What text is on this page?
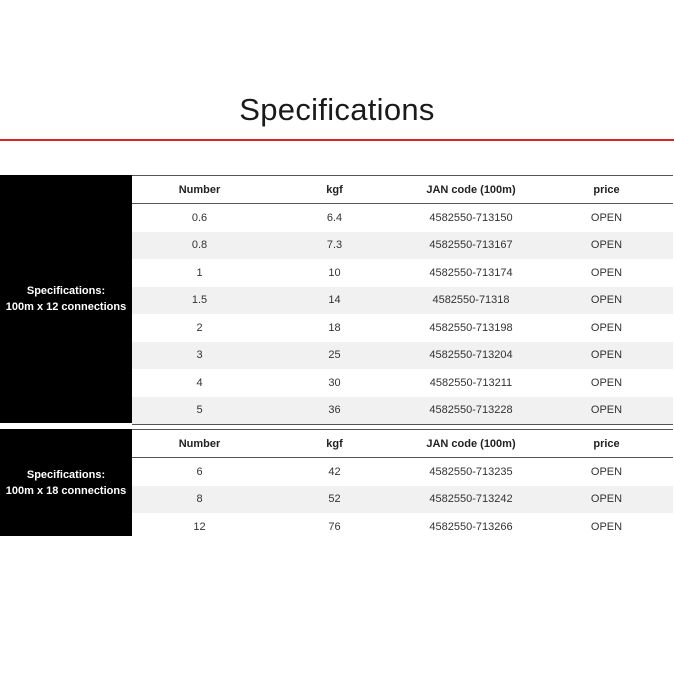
Specifications
Specifications:
100m x 12 connections
Number	kgf	JAN code (100m)	price
0.6	6.4	4582550-713150	OPEN
0.8	7.3	4582550-713167	OPEN
1	10	4582550-713174	OPEN
1.5	14	4582550-71318	OPEN
2	18	4582550-713198	OPEN
3	25	4582550-713204	OPEN
4	30	4582550-713211	OPEN
5	36	4582550-713228	OPEN
Specifications:
100m x 18 connections
Number	kgf	JAN code (100m)	price
6	42	4582550-713235	OPEN
8	52	4582550-713242	OPEN
12	76	4582550-713266	OPEN
